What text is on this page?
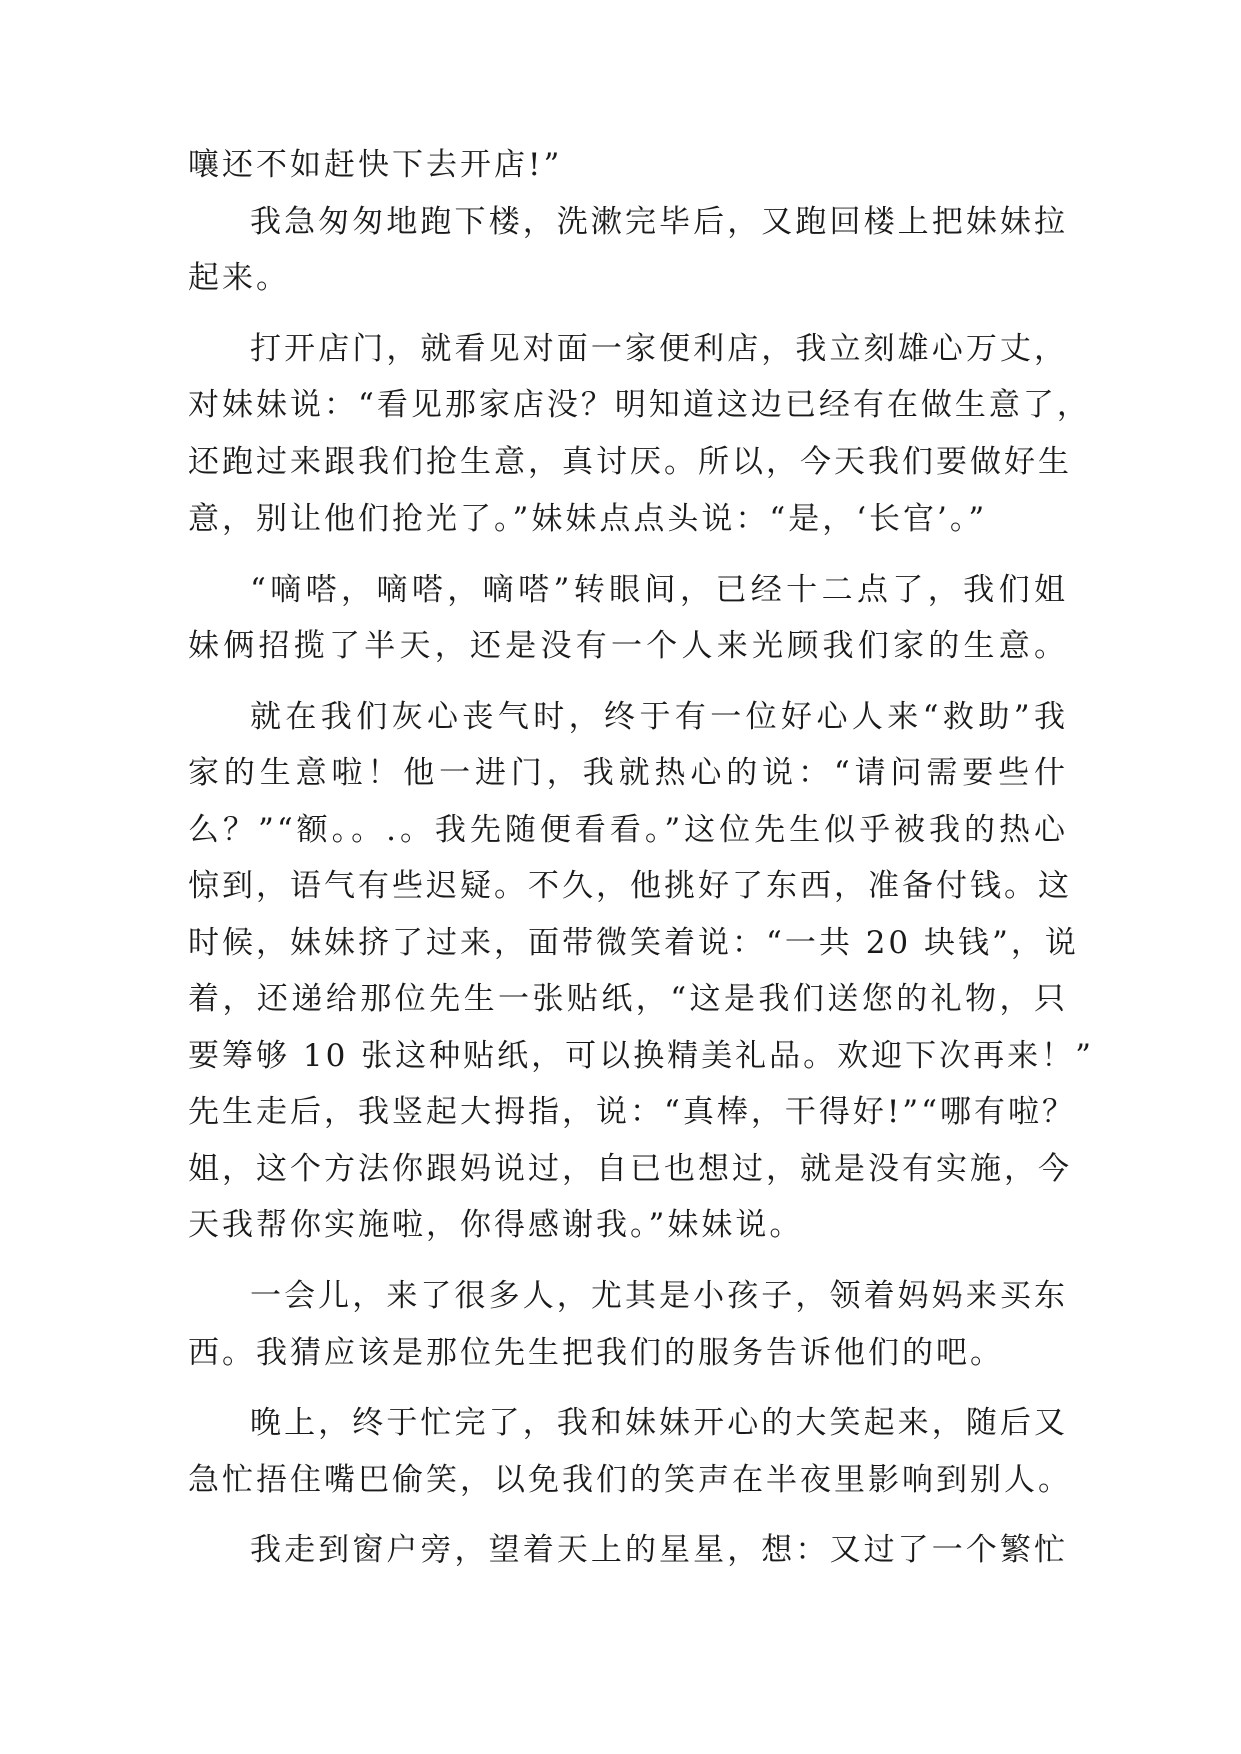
嚷还不如赶快下去开店!”
我急匆匆地跑下楼，洗漱完毕后，又跑回楼上把妹妹拉
起来。
打开店门，就看见对面一家便利店，我立刻雄心万丈，
对妹妹说：“看见那家店没？明知道这边已经有在做生意了，
还跑过来跟我们抢生意，真讨厌。所以，今天我们要做好生
意，别让他们抢光了。”妹妹点点头说：“是，‘长官’。”
“嘀嗒，嘀嗒，嘀嗒”转眼间，已经十二点了，我们姐
妹俩招揽了半天，还是没有一个人来光顾我们家的生意。
就在我们灰心丧气时，终于有一位好心人来“救助”我
家的生意啦！他一进门，我就热心的说：“请问需要些什
么？”“额。。.。我先随便看看。”这位先生似乎被我的热心
惊到，语气有些迟疑。不久，他挑好了东西，准备付钱。这
时候，妹妹挤了过来，面带微笑着说：“一共 20 块钱”，说
着，还递给那位先生一张贴纸，“这是我们送您的礼物，只
要筹够 10 张这种贴纸，可以换精美礼品。欢迎下次再来！”
先生走后，我竖起大拇指，说：“真棒，干得好!”“哪有啦？
姐，这个方法你跟妈说过，自已也想过，就是没有实施，今
天我帮你实施啦，你得感谢我。”妹妹说。
一会儿，来了很多人，尤其是小孩子，领着妈妈来买东
西。我猜应该是那位先生把我们的服务告诉他们的吧。
晚上，终于忙完了，我和妹妹开心的大笑起来，随后又
急忙捂住嘴巴偷笑，以免我们的笑声在半夜里影响到别人。
我走到窗户旁，望着天上的星星，想：又过了一个繁忙
